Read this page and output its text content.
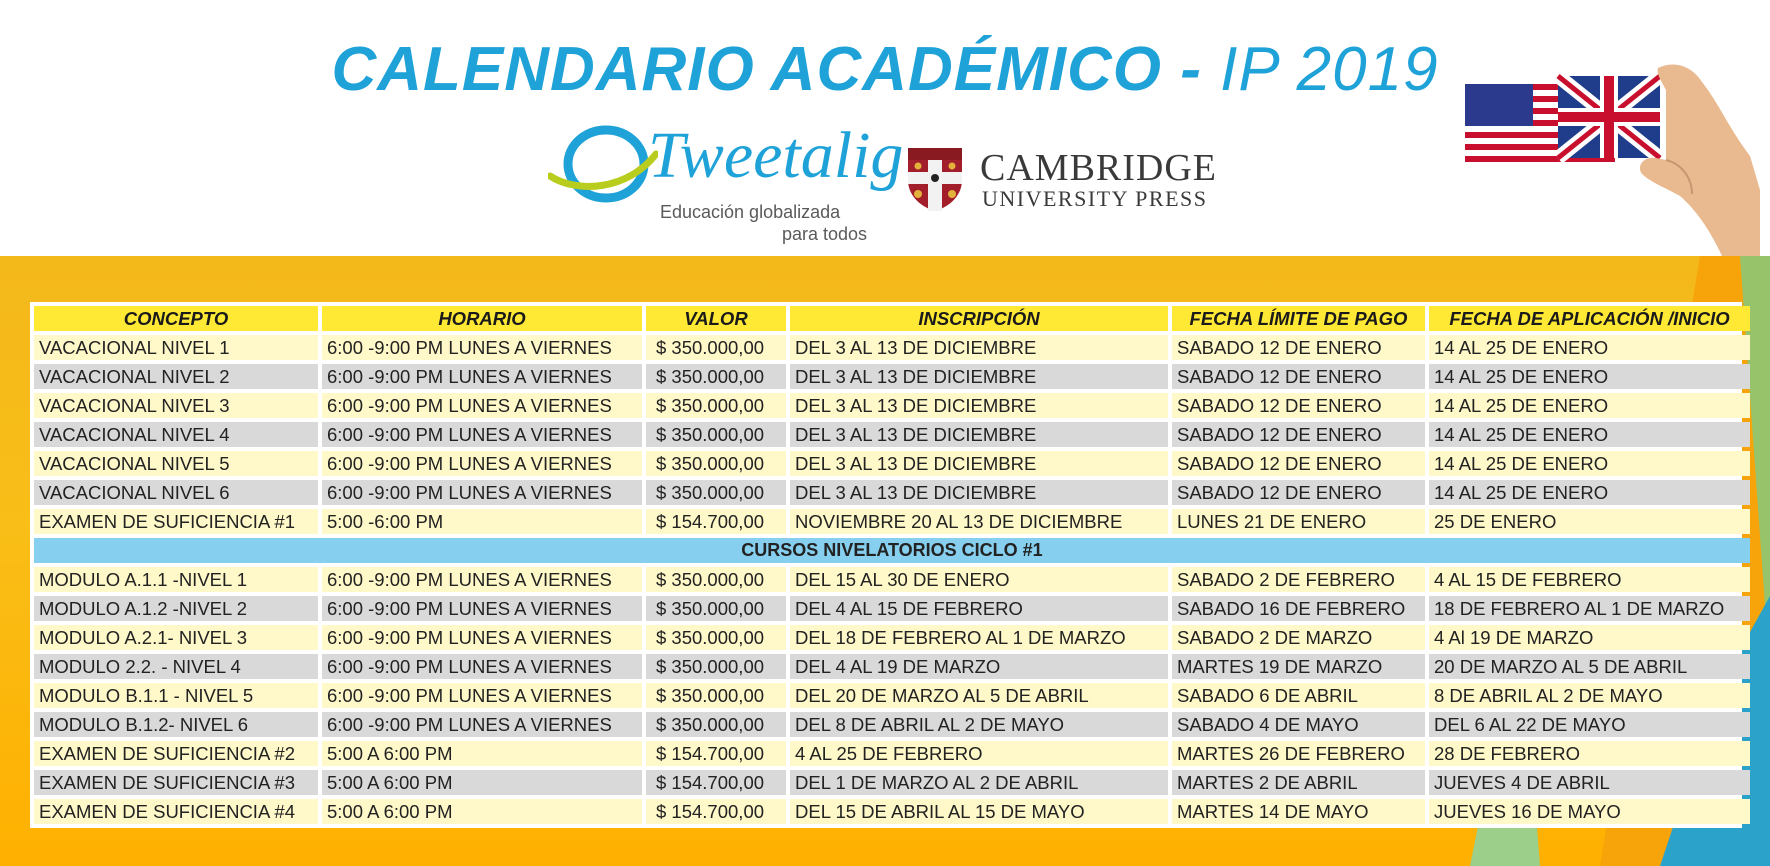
CALENDARIO ACADÉMICO - IP 2019
Tweetalig
Educación globalizada
para todos
CAMBRIDGE
UNIVERSITY PRESS
CONCEPTO	HORARIO	VALOR	INSCRIPCIÓN	FECHA LÍMITE DE PAGO	FECHA DE APLICACIÓN /INICIO
VACACIONAL NIVEL 1	6:00 -9:00 PM LUNES A VIERNES	$ 350.000,00	DEL 3 AL 13 DE DICIEMBRE	SABADO 12 DE ENERO	14 AL 25 DE ENERO
VACACIONAL NIVEL 2	6:00 -9:00 PM LUNES A VIERNES	$ 350.000,00	DEL 3 AL 13 DE DICIEMBRE	SABADO 12 DE ENERO	14 AL 25 DE ENERO
VACACIONAL NIVEL 3	6:00 -9:00 PM LUNES A VIERNES	$ 350.000,00	DEL 3 AL 13 DE DICIEMBRE	SABADO 12 DE ENERO	14 AL 25 DE ENERO
VACACIONAL NIVEL 4	6:00 -9:00 PM LUNES A VIERNES	$ 350.000,00	DEL 3 AL 13 DE DICIEMBRE	SABADO 12 DE ENERO	14 AL 25 DE ENERO
VACACIONAL NIVEL 5	6:00 -9:00 PM LUNES A VIERNES	$ 350.000,00	DEL 3 AL 13 DE DICIEMBRE	SABADO 12 DE ENERO	14 AL 25 DE ENERO
VACACIONAL NIVEL 6	6:00 -9:00 PM LUNES A VIERNES	$ 350.000,00	DEL 3 AL 13 DE DICIEMBRE	SABADO 12 DE ENERO	14 AL 25 DE ENERO
EXAMEN DE SUFICIENCIA #1	5:00 -6:00 PM	$ 154.700,00	NOVIEMBRE 20 AL 13 DE DICIEMBRE	LUNES 21 DE ENERO	25 DE ENERO
CURSOS NIVELATORIOS CICLO #1					
MODULO A.1.1 -NIVEL 1	6:00 -9:00 PM LUNES A VIERNES	$ 350.000,00	DEL 15 AL 30 DE ENERO	SABADO 2 DE FEBRERO	4 AL 15 DE FEBRERO
MODULO A.1.2 -NIVEL 2	6:00 -9:00 PM LUNES A VIERNES	$ 350.000,00	DEL 4 AL 15 DE FEBRERO	SABADO 16 DE FEBRERO	18 DE FEBRERO AL 1 DE MARZO
MODULO A.2.1- NIVEL 3	6:00 -9:00 PM LUNES A VIERNES	$ 350.000,00	DEL 18 DE FEBRERO AL 1 DE MARZO	SABADO 2 DE MARZO	4 Al 19 DE MARZO
MODULO 2.2. - NIVEL 4	6:00 -9:00 PM LUNES A VIERNES	$ 350.000,00	DEL 4 AL 19 DE MARZO	MARTES 19 DE MARZO	20 DE MARZO AL 5 DE ABRIL
MODULO B.1.1 - NIVEL 5	6:00 -9:00 PM LUNES A VIERNES	$ 350.000,00	DEL 20 DE MARZO AL 5 DE ABRIL	SABADO 6 DE ABRIL	8 DE ABRIL AL 2 DE MAYO
MODULO B.1.2- NIVEL 6	6:00 -9:00 PM LUNES A VIERNES	$ 350.000,00	DEL 8 DE ABRIL AL 2 DE MAYO	SABADO 4 DE MAYO	DEL 6 AL 22 DE MAYO
EXAMEN DE SUFICIENCIA #2	5:00 A 6:00 PM	$ 154.700,00	4 AL 25 DE FEBRERO	MARTES 26 DE FEBRERO	28 DE FEBRERO
EXAMEN DE SUFICIENCIA #3	5:00 A 6:00 PM	$ 154.700,00	DEL 1 DE MARZO AL 2 DE ABRIL	MARTES 2 DE ABRIL	JUEVES 4 DE ABRIL
EXAMEN DE SUFICIENCIA #4	5:00 A 6:00 PM	$ 154.700,00	DEL 15 DE ABRIL AL 15 DE MAYO	MARTES 14 DE MAYO	JUEVES 16 DE MAYO
